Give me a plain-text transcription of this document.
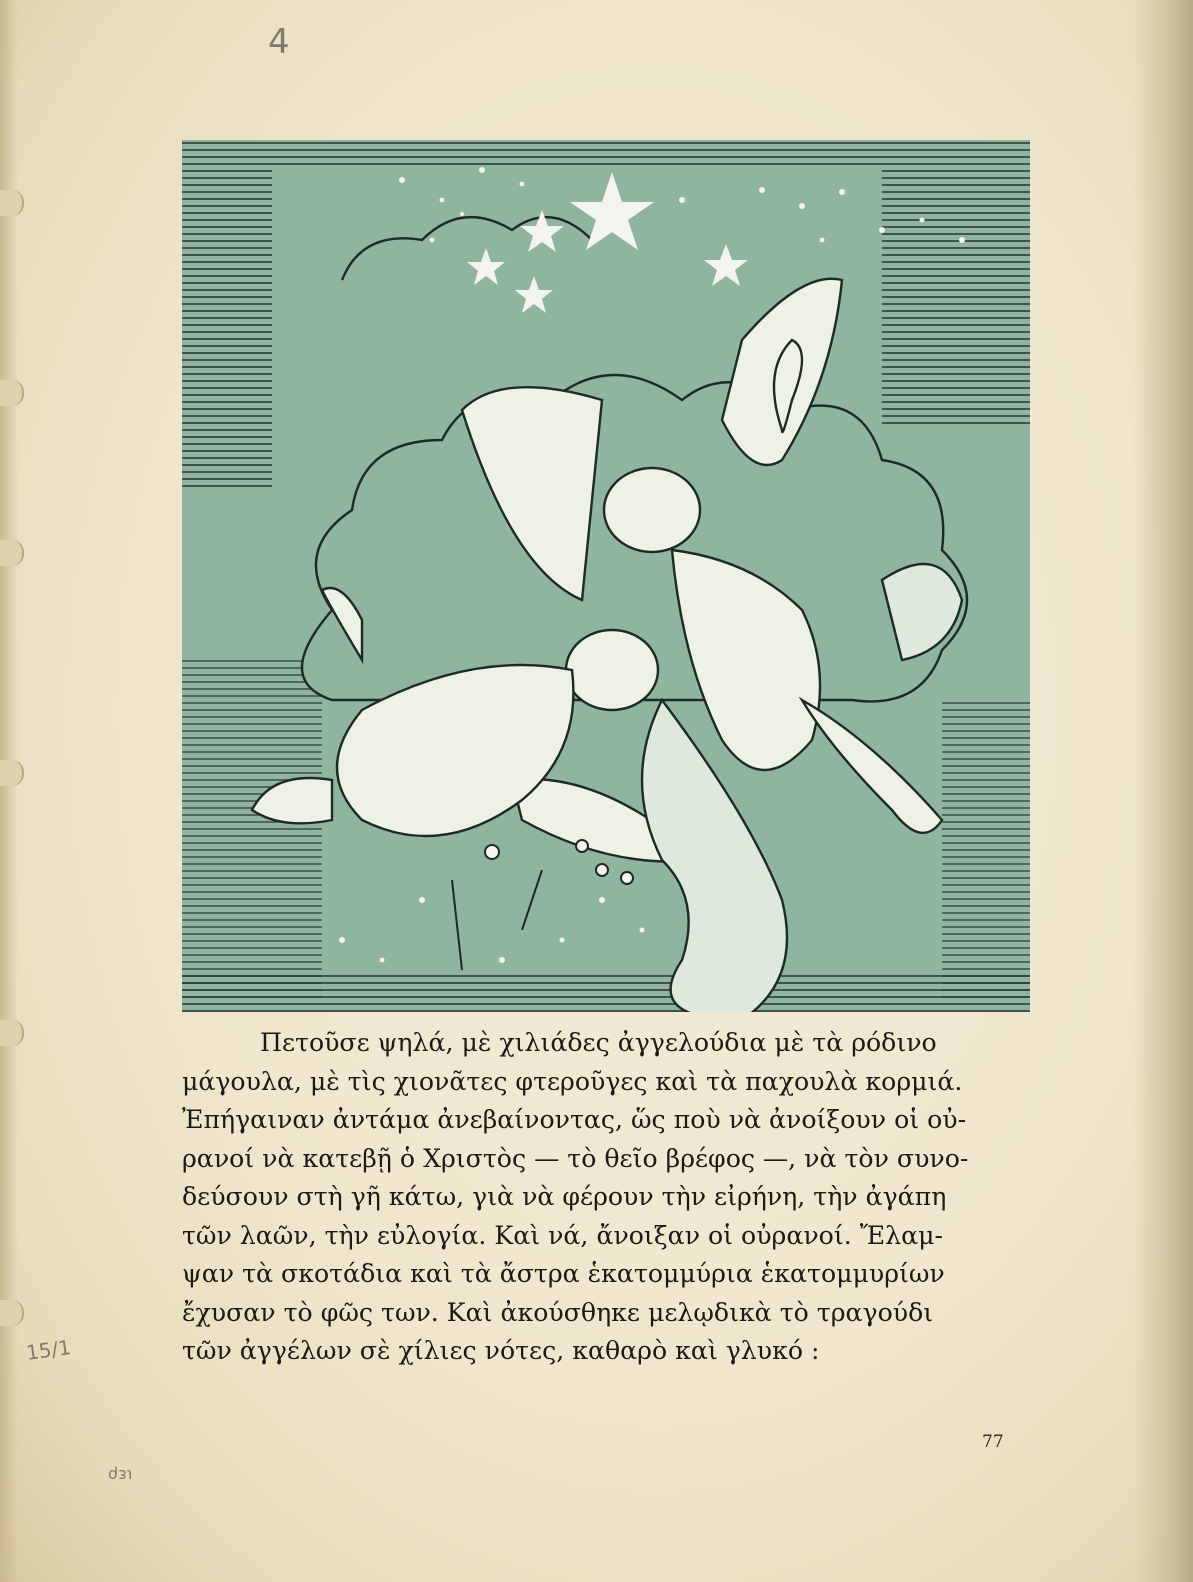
4
Πετοῦσε ψηλά, μὲ χιλιάδες ἀγγελούδια μὲ τὰ ρόδινο
μάγουλα, μὲ τὶς χιονᾶτες φτεροῦγες καὶ τὰ παχουλὰ κορμιά.
Ἐπήγαιναν ἀντάμα ἀνεβαίνοντας, ὥς ποὺ νὰ ἀνοίξουν οἱ οὐ-
ρανοί νὰ κατεβῇ ὁ Χριστὸς — τὸ θεῖο βρέφος —, νὰ τὸν συνο-
δεύσουν στὴ γῆ κάτω, γιὰ νὰ φέρουν τὴν εἰρήνη, τὴν ἀγάπη
τῶν λαῶν, τὴν εὐλογία. Καὶ νά, ἄνοιξαν οἱ οὐρανοί. Ἔλαμ-
ψαν τὰ σκοτάδια καὶ τὰ ἄστρα ἑκατομμύρια ἑκατομμυρίων
ἔχυσαν τὸ φῶς των. Καὶ ἀκούσθηκε μελῳδικὰ τὸ τραγούδι
τῶν ἀγγέλων σὲ χίλιες νότες, καθαρὸ καὶ γλυκό :
15/1
ιερ
77
